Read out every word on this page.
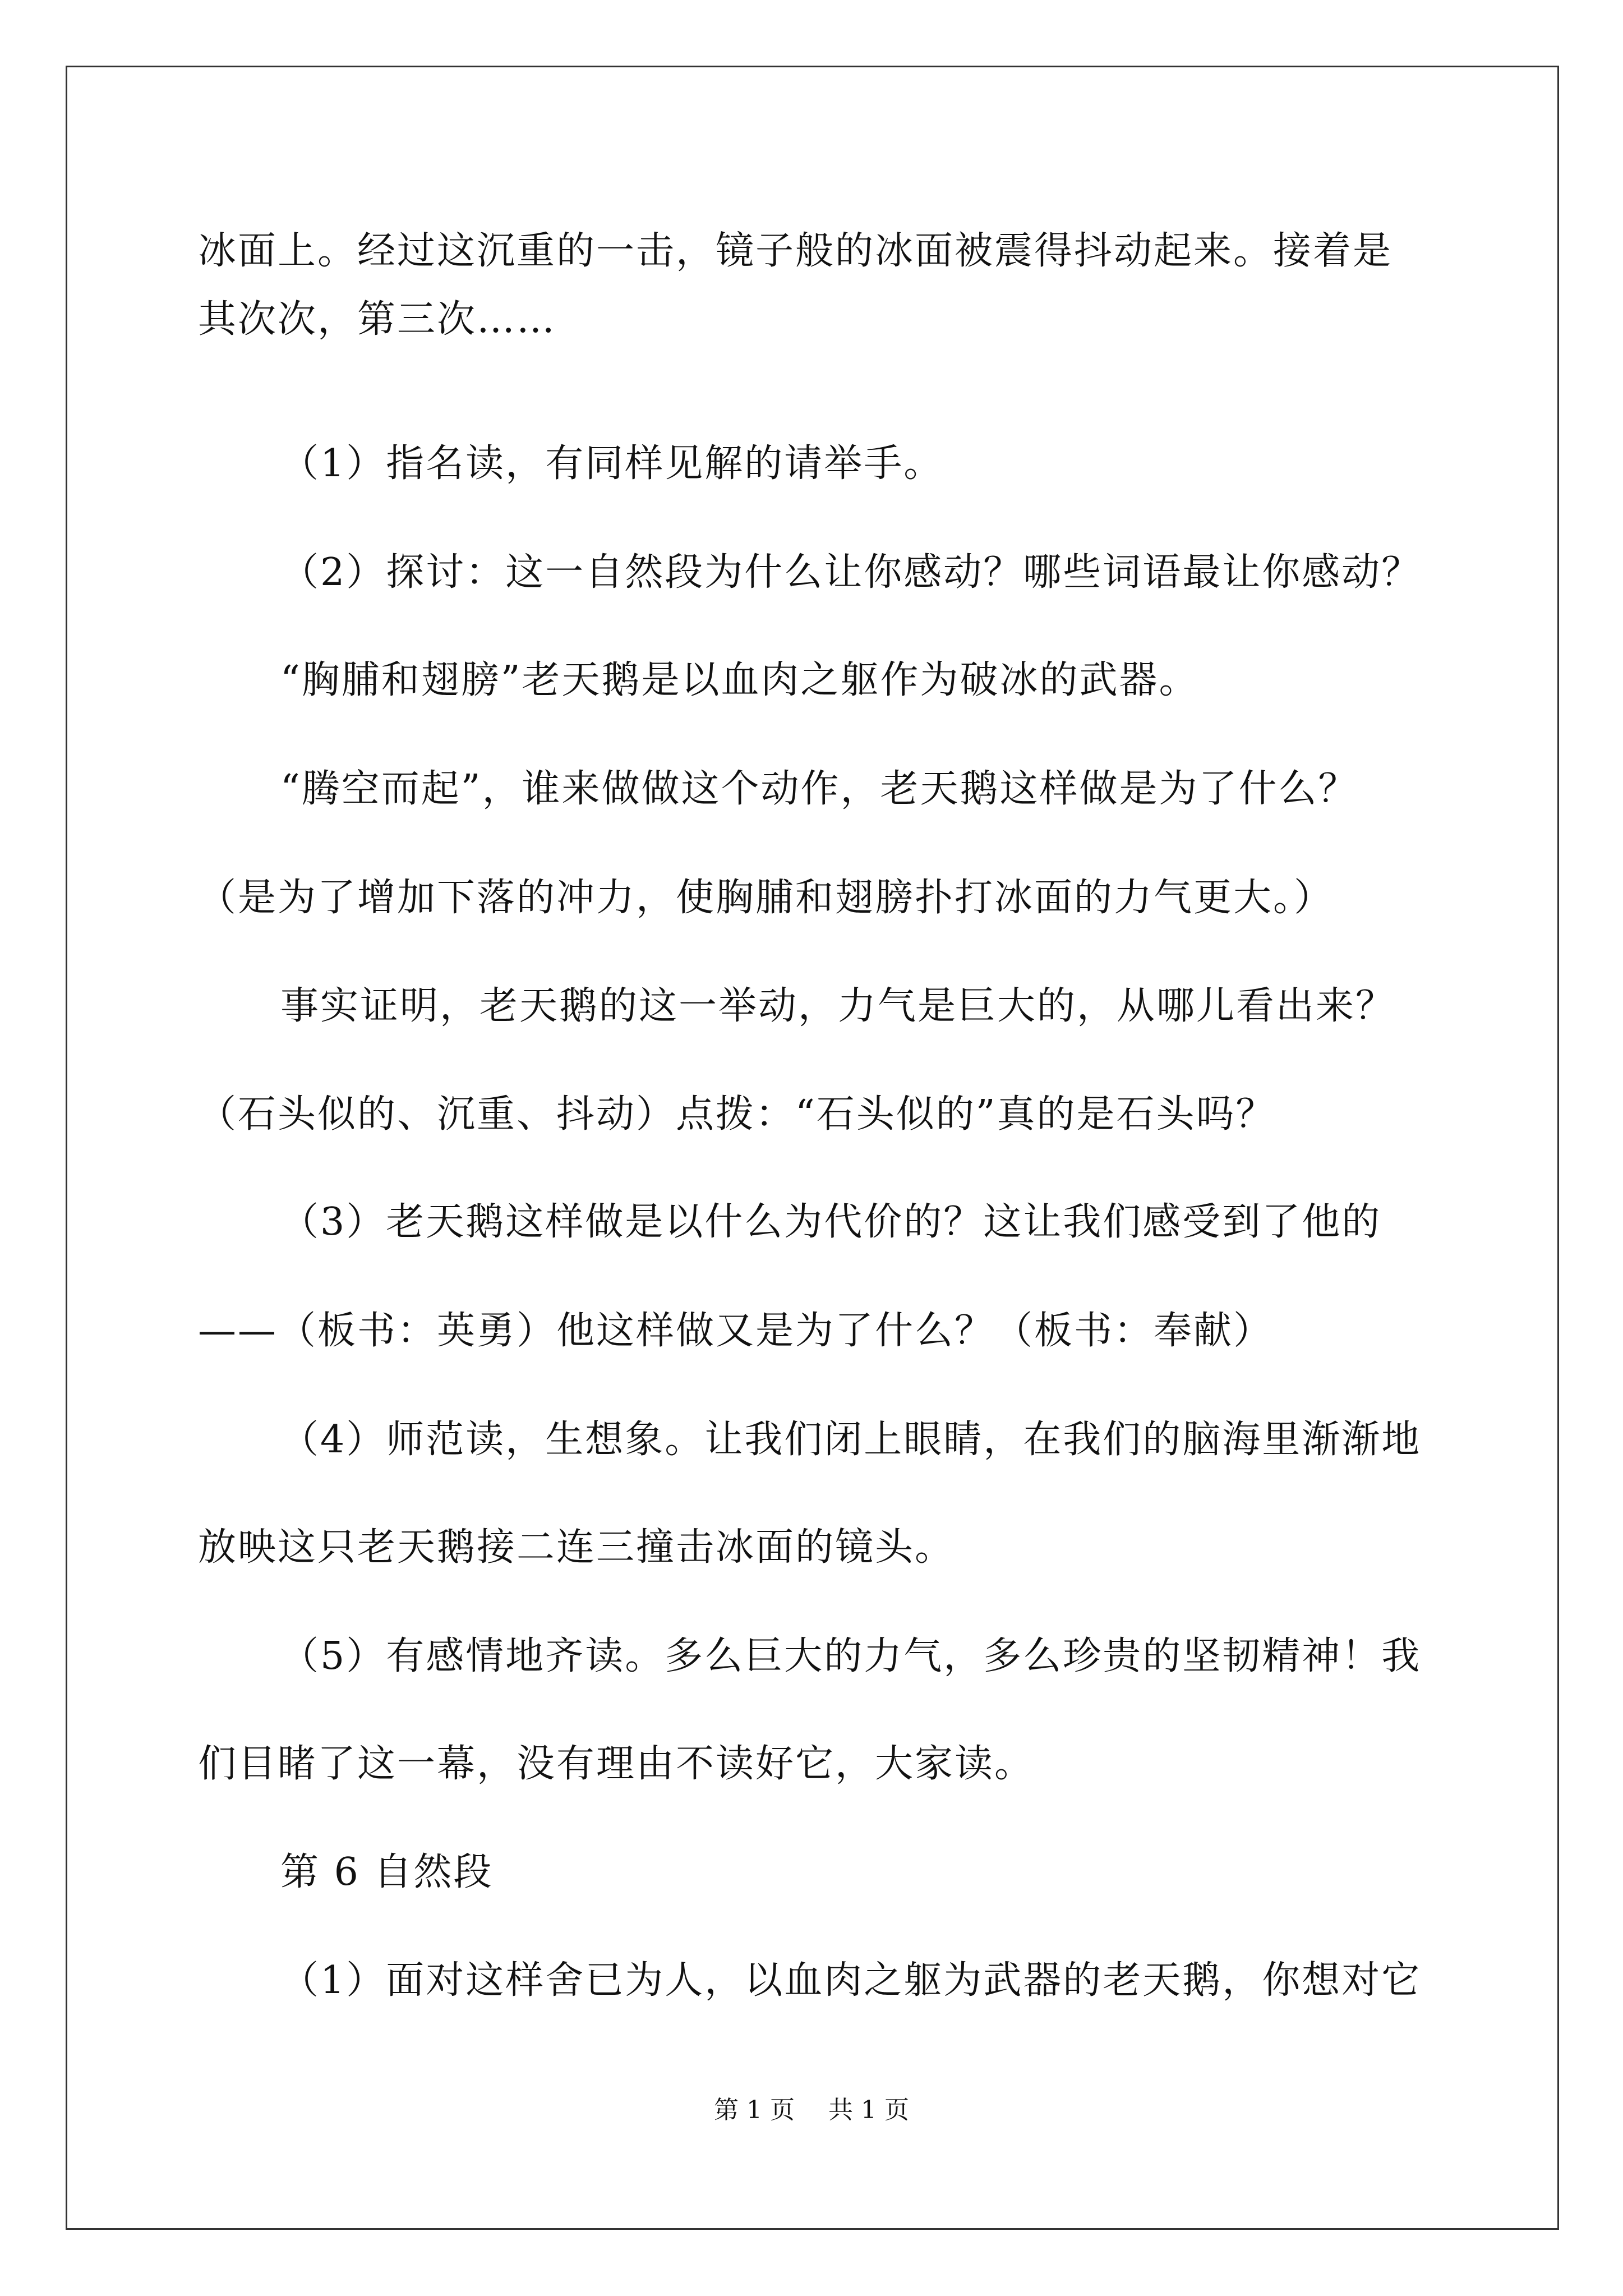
冰面上。经过这沉重的一击，镜子般的冰面被震得抖动起来。接着是
其次次，第三次……
（1）指名读，有同样见解的请举手。
（2）探讨：这一自然段为什么让你感动？哪些词语最让你感动？
“胸脯和翅膀”老天鹅是以血肉之躯作为破冰的武器。
“腾空而起”，谁来做做这个动作，老天鹅这样做是为了什么？
（是为了增加下落的冲力，使胸脯和翅膀扑打冰面的力气更大。）
事实证明，老天鹅的这一举动，力气是巨大的，从哪儿看出来？
（石头似的、沉重、抖动）点拨：“石头似的”真的是石头吗？
（3）老天鹅这样做是以什么为代价的？这让我们感受到了他的
——（板书：英勇）他这样做又是为了什么？（板书：奉献）
（4）师范读，生想象。让我们闭上眼睛，在我们的脑海里渐渐地
放映这只老天鹅接二连三撞击冰面的镜头。
（5）有感情地齐读。多么巨大的力气，多么珍贵的坚韧精神！我
们目睹了这一幕，没有理由不读好它，大家读。
第 6 自然段
（1）面对这样舍已为人，以血肉之躯为武器的老天鹅，你想对它
第 1 页 共 1 页
